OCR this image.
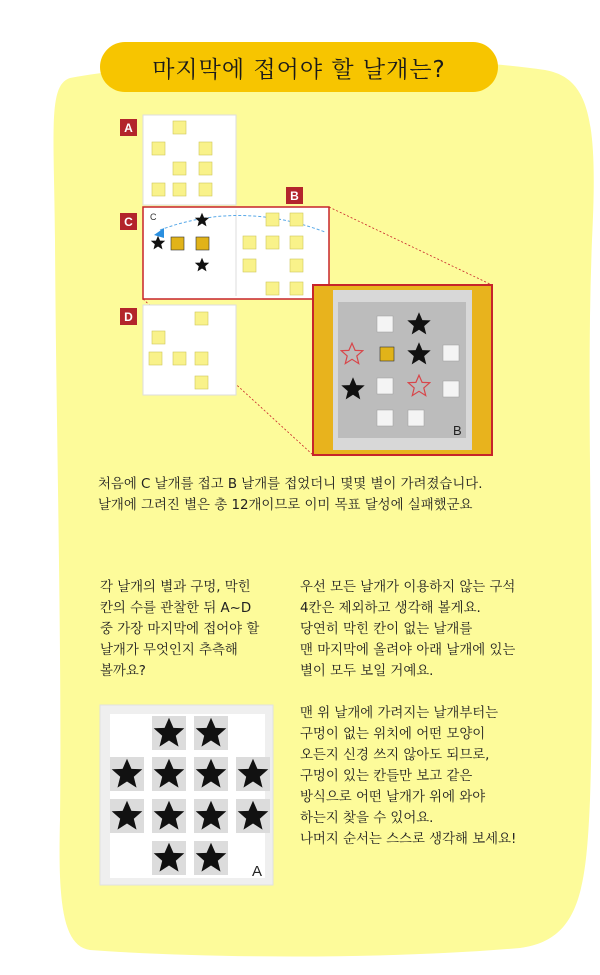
마지막에 접어야 할 날개는?
C
B
A
A
B
C
D
처음에 C 날개를 접고 B 날개를 접었더니 몇몇 별이 가려졌습니다.
날개에 그려진 별은 총 12개이므로 이미 목표 달성에 실패했군요
각 날개의 별과 구멍, 막힌
칸의 수를 관찰한 뒤 A~D
중 가장 마지막에 접어야 할
날개가 무엇인지 추측해
볼까요?
우선 모든 날개가 이용하지 않는 구석
4칸은 제외하고 생각해 볼게요.
당연히 막힌 칸이 없는 날개를
맨 마지막에 올려야 아래 날개에 있는
별이 모두 보일 거예요.
맨 위 날개에 가려지는 날개부터는
구멍이 없는 위치에 어떤 모양이
오든지 신경 쓰지 않아도 되므로,
구멍이 있는 칸들만 보고 같은
방식으로 어떤 날개가 위에 와야
하는지 찾을 수 있어요.
나머지 순서는 스스로 생각해 보세요!
